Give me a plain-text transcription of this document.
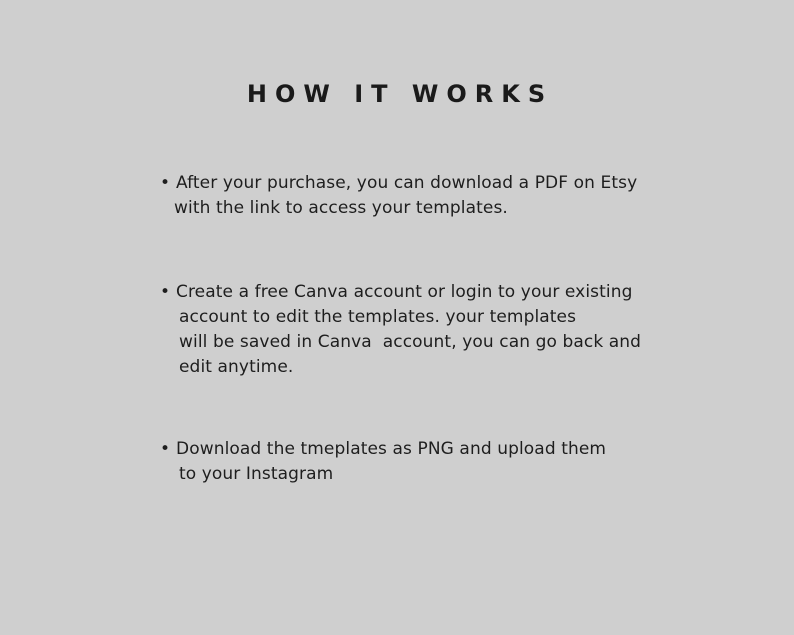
HOW IT WORKS
• After your purchase, you can download a PDF on Etsy
with the link to access your templates.
• Create a free Canva account or login to your existing
account to edit the templates. your templates
will be saved in Canva  account, you can go back and
edit anytime.
• Download the tmeplates as PNG and upload them
to your Instagram
